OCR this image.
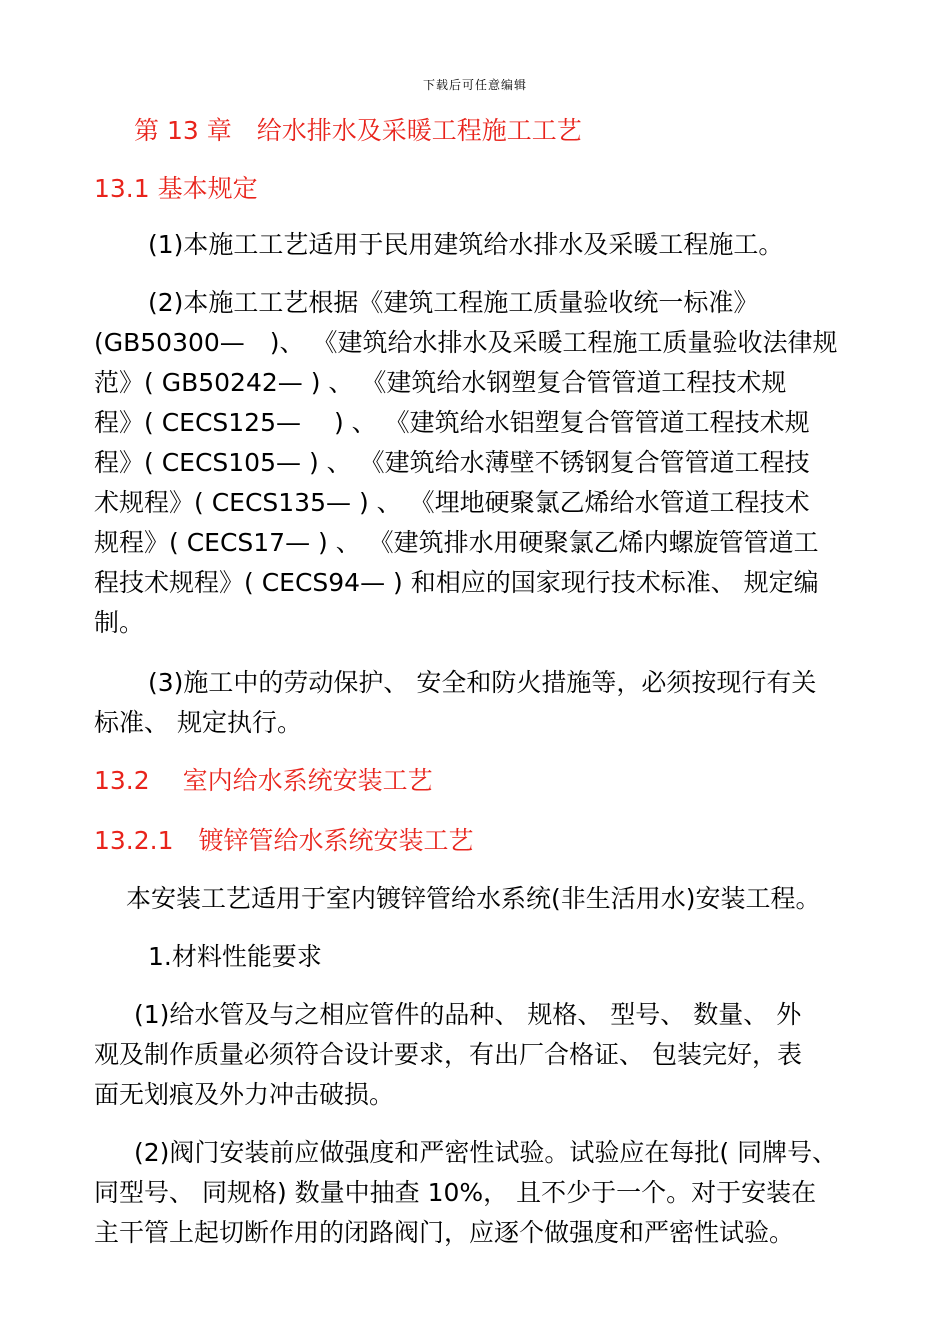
下载后可任意编辑
第 13 章　给水排水及采暖工程施工工艺
13.1 基本规定
(1)本施工工艺适用于民用建筑给水排水及采暖工程施工。
(2)本施工工艺根据《建筑工程施工质量验收统一标准》
(GB50300—　)、 《建筑给水排水及采暖工程施工质量验收法律规
范》( GB50242— ) 、 《建筑给水钢塑复合管管道工程技术规
程》( CECS125—　 ) 、 《建筑给水铝塑复合管管道工程技术规
程》( CECS105— ) 、 《建筑给水薄壁不锈钢复合管管道工程技
术规程》( CECS135— ) 、 《埋地硬聚氯乙烯给水管道工程技术
规程》( CECS17— ) 、 《建筑排水用硬聚氯乙烯内螺旋管管道工
程技术规程》( CECS94— ) 和相应的国家现行技术标准、 规定编
制。
(3)施工中的劳动保护、 安全和防火措施等，必须按现行有关
标准、 规定执行。
13.2　 室内给水系统安装工艺
13.2.1　镀锌管给水系统安装工艺
本安装工艺适用于室内镀锌管给水系统(非生活用水)安装工程。
1.材料性能要求
(1)给水管及与之相应管件的品种、 规格、 型号、 数量、 外
观及制作质量必须符合设计要求，有出厂合格证、 包装完好，表
面无划痕及外力冲击破损。
(2)阀门安装前应做强度和严密性试验。试验应在每批( 同牌号、
同型号、 同规格) 数量中抽查 10%， 且不少于一个。对于安装在
主干管上起切断作用的闭路阀门，应逐个做强度和严密性试验。
